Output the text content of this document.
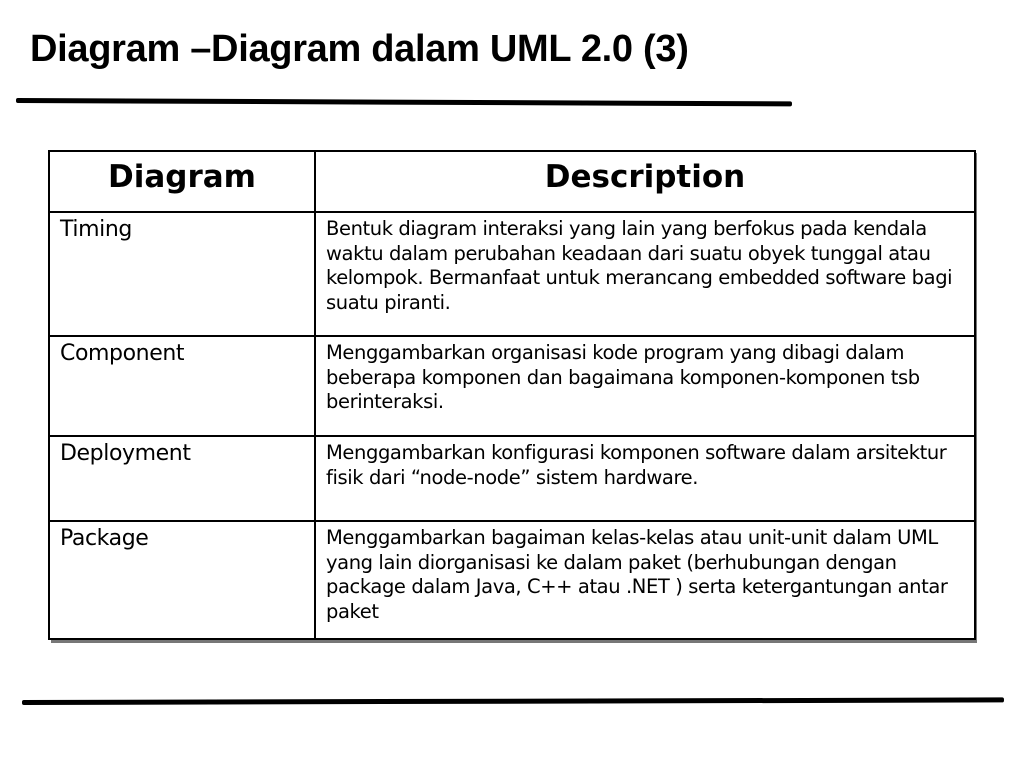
Diagram –Diagram dalam UML 2.0 (3)
Diagram	Description
Timing	Bentuk diagram interaksi yang lain yang berfokus pada kendala waktu dalam perubahan keadaan dari suatu obyek tunggal atau kelompok. Bermanfaat untuk merancang embedded software bagi suatu piranti.
Component	Menggambarkan organisasi kode program yang dibagi dalam beberapa komponen dan bagaimana komponen-komponen tsb berinteraksi.
Deployment	Menggambarkan konfigurasi komponen software dalam arsitektur fisik dari “node-node” sistem hardware.
Package	Menggambarkan bagaiman kelas-kelas atau unit-unit dalam UML yang lain diorganisasi ke dalam paket (berhubungan dengan package dalam Java, C++ atau .NET ) serta ketergantungan antar paket
